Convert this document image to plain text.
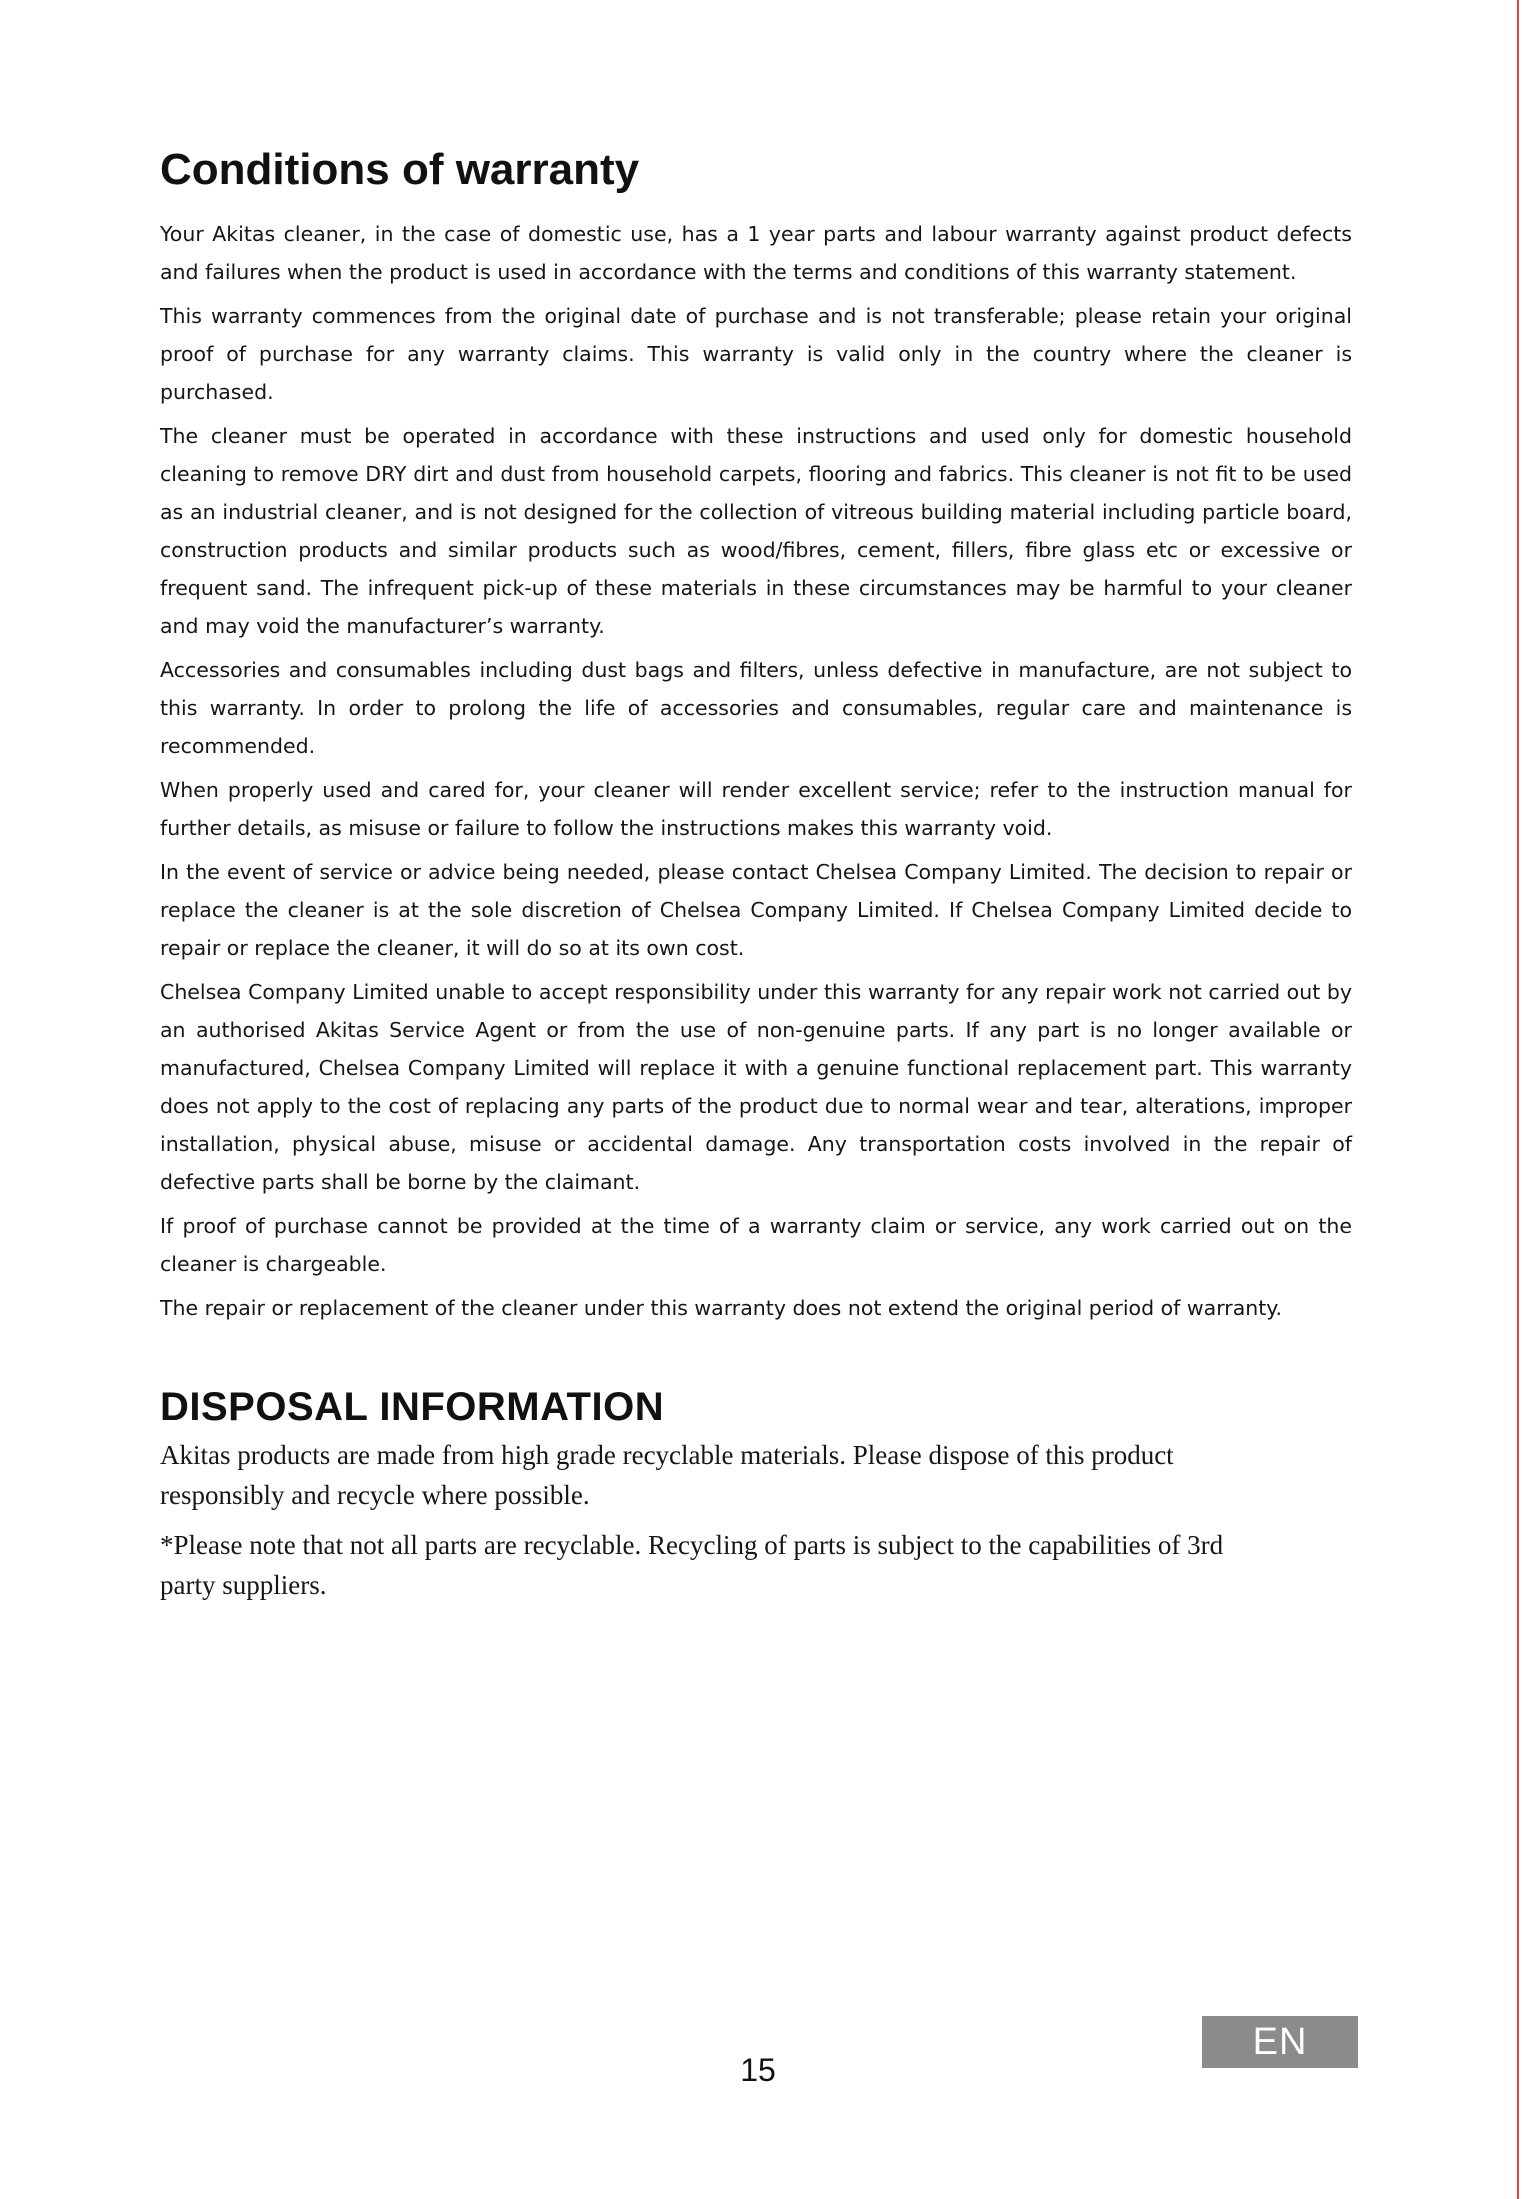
Conditions of warranty

Your Akitas cleaner, in the case of domestic use, has a 1 year parts and labour warranty against product defects and failures when the product is used in accordance with the terms and conditions of this warranty statement.

This warranty commences from the original date of purchase and is not transferable; please retain your original proof of purchase for any warranty claims. This warranty is valid only in the country where the cleaner is purchased.

The cleaner must be operated in accordance with these instructions and used only for domestic household cleaning to remove DRY dirt and dust from household carpets, flooring and fabrics. This cleaner is not fit to be used as an industrial cleaner, and is not designed for the collection of vitreous building material including particle board, construction products and similar products such as wood/fibres, cement, fillers, fibre glass etc or excessive or frequent sand. The infrequent pick-up of these materials in these circumstances may be harmful to your cleaner and may void the manufacturer’s warranty.

Accessories and consumables including dust bags and filters, unless defective in manufacture, are not subject to this warranty. In order to prolong the life of accessories and consumables, regular care and maintenance is recommended.

When properly used and cared for, your cleaner will render excellent service; refer to the instruction manual for further details, as misuse or failure to follow the instructions makes this warranty void.

In the event of service or advice being needed, please contact Chelsea Company Limited. The decision to repair or replace the cleaner is at the sole discretion of Chelsea Company Limited. If Chelsea Company Limited decide to repair or replace the cleaner, it will do so at its own cost.

Chelsea Company Limited unable to accept responsibility under this warranty for any repair work not carried out by an authorised Akitas Service Agent or from the use of non-genuine parts. If any part is no longer available or manufactured, Chelsea Company Limited will replace it with a genuine functional replacement part. This warranty does not apply to the cost of replacing any parts of the product due to normal wear and tear, alterations, improper installation, physical abuse, misuse or accidental damage. Any transportation costs involved in the repair of defective parts shall be borne by the claimant.

If proof of purchase cannot be provided at the time of a warranty claim or service, any work carried out on the cleaner is chargeable.

The repair or replacement of the cleaner under this warranty does not extend the original period of warranty.

DISPOSAL INFORMATION

Akitas products are made from high grade recyclable materials. Please dispose of this product responsibly and recycle where possible.

*Please note that not all parts are recyclable. Recycling of parts is subject to the capabilities of 3rd party suppliers.

15
EN
